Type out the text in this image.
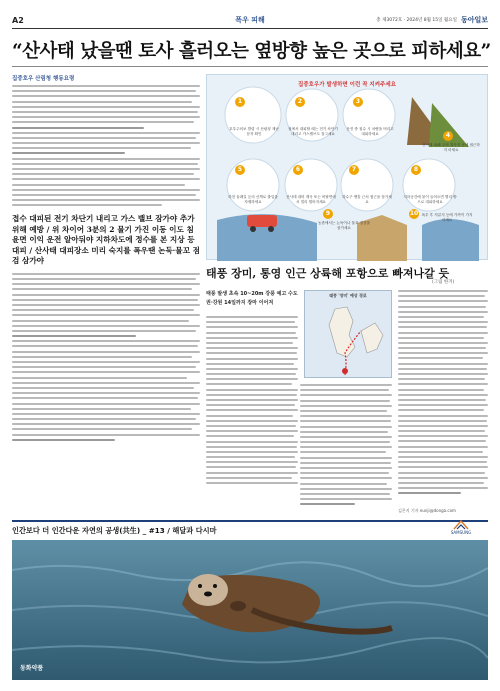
A2	폭우 피해	총 제3072호 · 2024년 8월 15일 월요일 동아일보
“산사태 났을땐 토사 흘러오는 옆방향 높은 곳으로 피하세요”
집중호우 산림청 행동요령
접수 대피된 전기 차단기 내리고 가스 밸브 잠가야 추가 위해 예방 / 위 차이어 3분의 2 물기 가진 이동 이도 침윤면 이익 운전 알아둬야 지하차도에 정수를 본 지상 등 대피 / 산사태 대피장소 미리 숙지를 폭우땐 논둑·물꼬 점검 삼가야
집중호우가 발생하면 이런 꼭 지켜주세요
1
호우주의보 발령 시 산림청 재난문자 확인
2
집에서 대피할 때는 전기 차단기 내리고 가스밸브도 잠그세요
3
운전 중 침수 시 차량을 버리고 대피하세요	4
산사태 피해 주의 경사진 곳에 접근하지 마세요
5
하천 둘레길 등의 산책로 출입을 자제하세요
6
산사태 대비 계곡 또는 비탈면에서 멀리 떨어지세요
7
하수구 맨홀 근처 접근을 삼가세요
8
지하공간에 물이 들어오면 빨리 밖으로 대피하세요
9
농촌에서는 논둑이나 물꼬 점검을 삼가세요
10 폭우 후 저류지 등에 가까이 가지 마세요
태풍 장미, 통영 인근 상륙해 포항으로 빠져나갈 듯
(그림 한겨)
태풍 발생 초속 10~20m 강풍 예고 수도권·강원 14일까지 장마 이어져
태풍 '장미' 예상 경로
김은지 기자 eunji@donga.com
인간보다 더 인간다운 자연의 공생(共生) _ #13 / 해달과 다시마	SAMSUNG
동화약품
